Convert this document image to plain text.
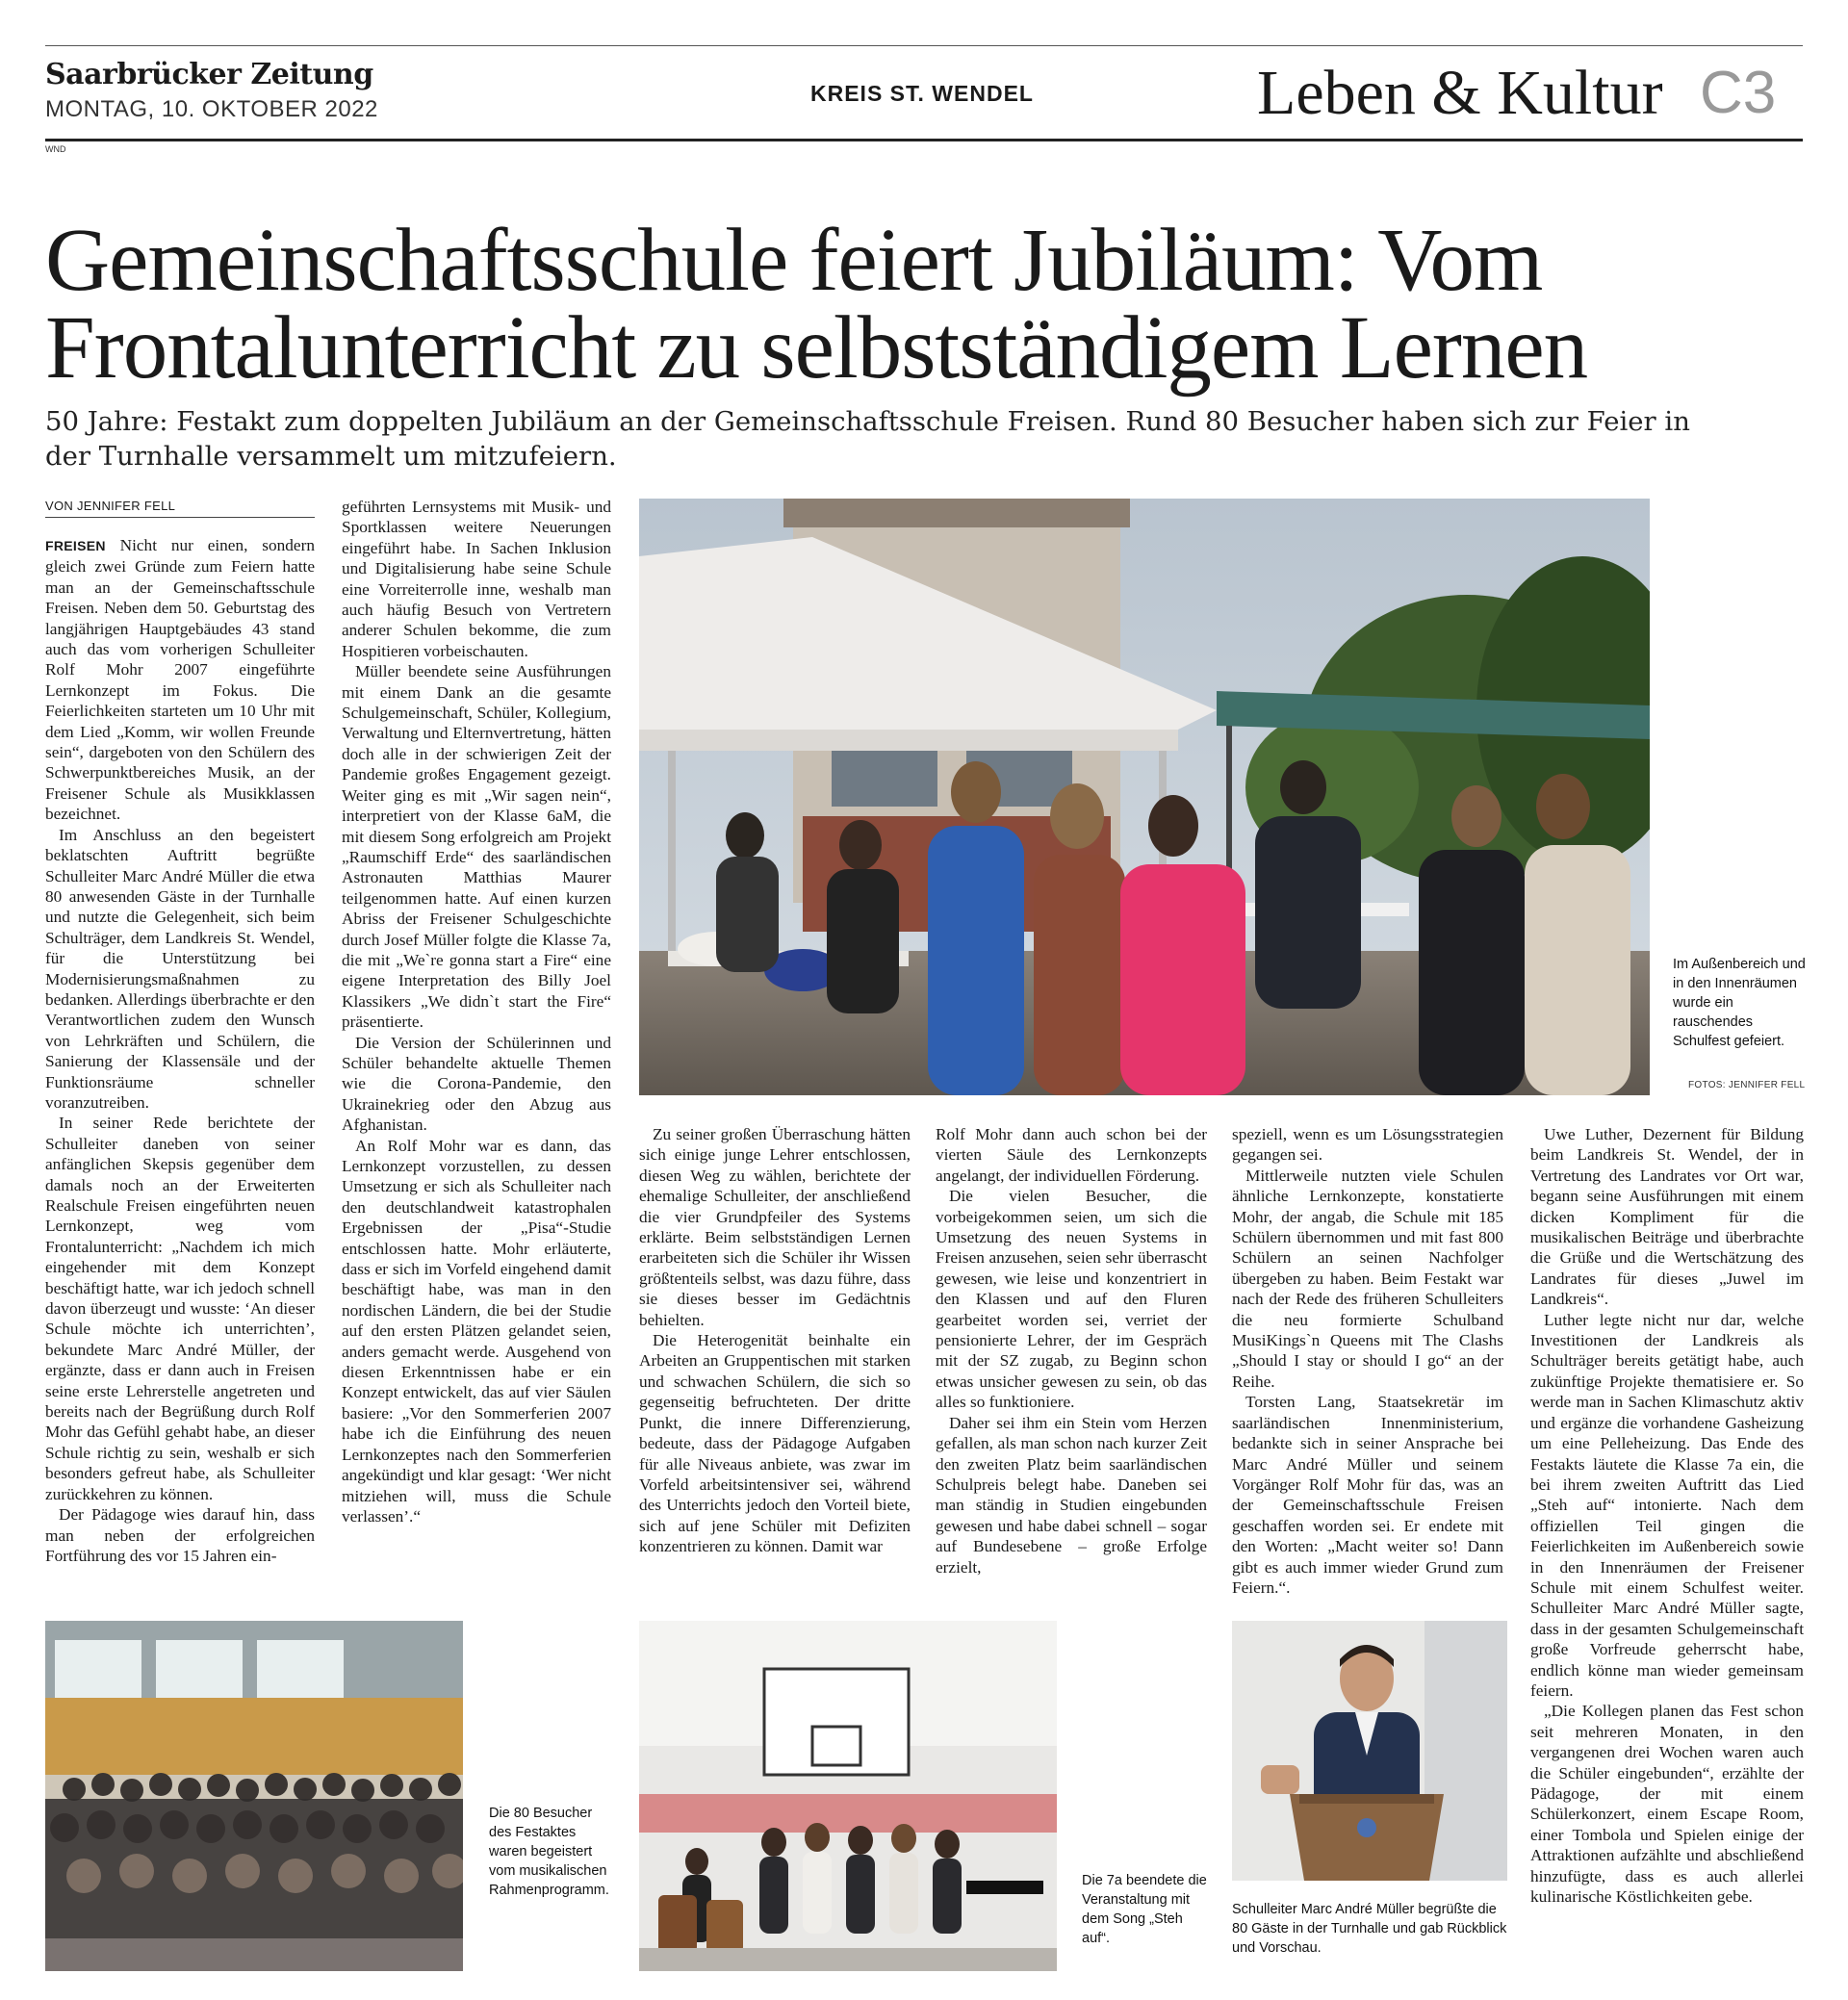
Saarbrücker Zeitung
MONTAG, 10. OKTOBER 2022
KREIS ST. WENDEL	Leben & Kultur C3
WND
Gemeinschaftsschule feiert Jubiläum: Vom
Frontalunterricht zu selbstständigem Lernen
50 Jahre: Festakt zum doppelten Jubiläum an der Gemeinschaftsschule Freisen. Rund 80 Besucher haben sich zur Feier in der Turnhalle versammelt um mitzufeiern.
VON JENNIFER FELL

FREISEN Nicht nur einen, sondern gleich zwei Gründe zum Feiern hatte man an der Gemeinschaftsschule Freisen. Neben dem 50. Geburtstag des langjährigen Hauptgebäudes 43 stand auch das vom vorherigen Schulleiter Rolf Mohr 2007 eingeführte Lernkonzept im Fokus. Die Feierlichkeiten starteten um 10 Uhr mit dem Lied „Komm, wir wollen Freunde sein“, dargeboten von den Schülern des Schwerpunktbereiches Musik, an der Freisener Schule als Musikklassen bezeichnet.

Im Anschluss an den begeistert beklatschten Auftritt begrüßte Schulleiter Marc André Müller die etwa 80 anwesenden Gäste in der Turnhalle und nutzte die Gelegenheit, sich beim Schulträger, dem Landkreis St. Wendel, für die Unterstützung bei Modernisierungsmaßnahmen zu bedanken. Allerdings überbrachte er den Verantwortlichen zudem den Wunsch von Lehrkräften und Schülern, die Sanierung der Klassensäle und der Funktionsräume schneller voranzutreiben.

In seiner Rede berichtete der Schulleiter daneben von seiner anfänglichen Skepsis gegenüber dem damals noch an der Erweiterten Realschule Freisen eingeführten neuen Lernkonzept, weg vom Frontalunterricht: „Nachdem ich mich eingehender mit dem Konzept beschäftigt hatte, war ich jedoch schnell davon überzeugt und wusste: ‘An dieser Schule möchte ich unterrichten’, bekundete Marc André Müller, der ergänzte, dass er dann auch in Freisen seine erste Lehrerstelle angetreten und bereits nach der Begrüßung durch Rolf Mohr das Gefühl gehabt habe, an dieser Schule richtig zu sein, weshalb er sich besonders gefreut habe, als Schulleiter zurückkehren zu können.

Der Pädagoge wies darauf hin, dass man neben der erfolgreichen Fortführung des vor 15 Jahren ein-

geführten Lernsystems mit Musik- und Sportklassen weitere Neuerungen eingeführt habe. In Sachen Inklusion und Digitalisierung habe seine Schule eine Vorreiterrolle inne, weshalb man auch häufig Besuch von Vertretern anderer Schulen bekomme, die zum Hospitieren vorbeischauten.

Müller beendete seine Ausführungen mit einem Dank an die gesamte Schulgemeinschaft, Schüler, Kollegium, Verwaltung und Elternvertretung, hätten doch alle in der schwierigen Zeit der Pandemie großes Engagement gezeigt. Weiter ging es mit „Wir sagen nein“, interpretiert von der Klasse 6aM, die mit diesem Song erfolgreich am Projekt „Raumschiff Erde“ des saarländischen Astronauten Matthias Maurer teilgenommen hatte. Auf einen kurzen Abriss der Freisener Schulgeschichte durch Josef Müller folgte die Klasse 7a, die mit „We`re gonna start a Fire“ eine eigene Interpretation des Billy Joel Klassikers „We didn`t start the Fire“ präsentierte.

Die Version der Schülerinnen und Schüler behandelte aktuelle Themen wie die Corona-Pandemie, den Ukrainekrieg oder den Abzug aus Afghanistan.

An Rolf Mohr war es dann, das Lernkonzept vorzustellen, zu dessen Umsetzung er sich als Schulleiter nach den deutschlandweit katastrophalen Ergebnissen der „Pisa“-Studie entschlossen hatte. Mohr erläuterte, dass er sich im Vorfeld eingehend damit beschäftigt habe, was man in den nordischen Ländern, die bei der Studie auf den ersten Plätzen gelandet seien, anders gemacht werde. Ausgehend von diesen Erkenntnissen habe er ein Konzept entwickelt, das auf vier Säulen basiere: „Vor den Sommerferien 2007 habe ich die Einführung des neuen Lernkonzeptes nach den Sommerferien angekündigt und klar gesagt: ‘Wer nicht mitziehen will, muss die Schule verlassen’.“

Im Außenbereich und in den Innenräumen wurde ein rauschendes Schulfest gefeiert.
FOTOS: JENNIFER FELL

Zu seiner großen Überraschung hätten sich einige junge Lehrer entschlossen, diesen Weg zu wählen, berichtete der ehemalige Schulleiter, der anschließend die vier Grundpfeiler des Systems erklärte. Beim selbstständigen Lernen erarbeiteten sich die Schüler ihr Wissen größtenteils selbst, was dazu führe, dass sie dieses besser im Gedächtnis behielten.

Die Heterogenität beinhalte ein Arbeiten an Gruppentischen mit starken und schwachen Schülern, die sich so gegenseitig befruchteten. Der dritte Punkt, die innere Differenzierung, bedeute, dass der Pädagoge Aufgaben für alle Niveaus anbiete, was zwar im Vorfeld arbeitsintensiver sei, während des Unterrichts jedoch den Vorteil biete, sich auf jene Schüler mit Defiziten konzentrieren zu können. Damit war

Rolf Mohr dann auch schon bei der vierten Säule des Lernkonzepts angelangt, der individuellen Förderung.

Die vielen Besucher, die vorbeigekommen seien, um sich die Umsetzung des neuen Systems in Freisen anzusehen, seien sehr überrascht gewesen, wie leise und konzentriert in den Klassen und auf den Fluren gearbeitet worden sei, verriet der pensionierte Lehrer, der im Gespräch mit der SZ zugab, zu Beginn schon etwas unsicher gewesen zu sein, ob das alles so funktioniere.

Daher sei ihm ein Stein vom Herzen gefallen, als man schon nach kurzer Zeit den zweiten Platz beim saarländischen Schulpreis belegt habe. Daneben sei man ständig in Studien eingebunden gewesen und habe dabei schnell – sogar auf Bundesebene – große Erfolge erzielt,

speziell, wenn es um Lösungsstrategien gegangen sei.

Mittlerweile nutzten viele Schulen ähnliche Lernkonzepte, konstatierte Mohr, der angab, die Schule mit 185 Schülern übernommen und mit fast 800 Schülern an seinen Nachfolger übergeben zu haben. Beim Festakt war nach der Rede des früheren Schulleiters die neu formierte Schulband MusiKings`n Queens mit The Clashs „Should I stay or should I go“ an der Reihe.

Torsten Lang, Staatsekretär im saarländischen Innenministerium, bedankte sich in seiner Ansprache bei Marc André Müller und seinem Vorgänger Rolf Mohr für das, was an der Gemeinschaftsschule Freisen geschaffen worden sei. Er endete mit den Worten: „Macht weiter so! Dann gibt es auch immer wieder Grund zum Feiern.“.

Uwe Luther, Dezernent für Bildung beim Landkreis St. Wendel, der in Vertretung des Landrates vor Ort war, begann seine Ausführungen mit einem dicken Kompliment für die musikalischen Beiträge und überbrachte die Grüße und die Wertschätzung des Landrates für dieses „Juwel im Landkreis“.

Luther legte nicht nur dar, welche Investitionen der Landkreis als Schulträger bereits getätigt habe, auch zukünftige Projekte thematisiere er. So werde man in Sachen Klimaschutz aktiv und ergänze die vorhandene Gasheizung um eine Pelleheizung. Das Ende des Festakts läutete die Klasse 7a ein, die bei ihrem zweiten Auftritt das Lied „Steh auf“ intonierte. Nach dem offiziellen Teil gingen die Feierlichkeiten im Außenbereich sowie in den Innenräumen der Freisener Schule mit einem Schulfest weiter. Schulleiter Marc André Müller sagte, dass in der gesamten Schulgemeinschaft große Vorfreude geherrscht habe, endlich könne man wieder gemeinsam feiern.

„Die Kollegen planen das Fest schon seit mehreren Monaten, in den vergangenen drei Wochen waren auch die Schüler eingebunden“, erzählte der Pädagoge, der mit einem Schülerkonzert, einem Escape Room, einer Tombola und Spielen einige der Attraktionen aufzählte und abschließend hinzufügte, dass es auch allerlei kulinarische Köstlichkeiten gebe.

Die 80 Besucher des Festaktes waren begeistert vom musikalischen Rahmenprogramm.
Die 7a beendete die Veranstaltung mit dem Song „Steh auf“.
Schulleiter Marc André Müller begrüßte die 80 Gäste in der Turnhalle und gab Rückblick und Vorschau.
